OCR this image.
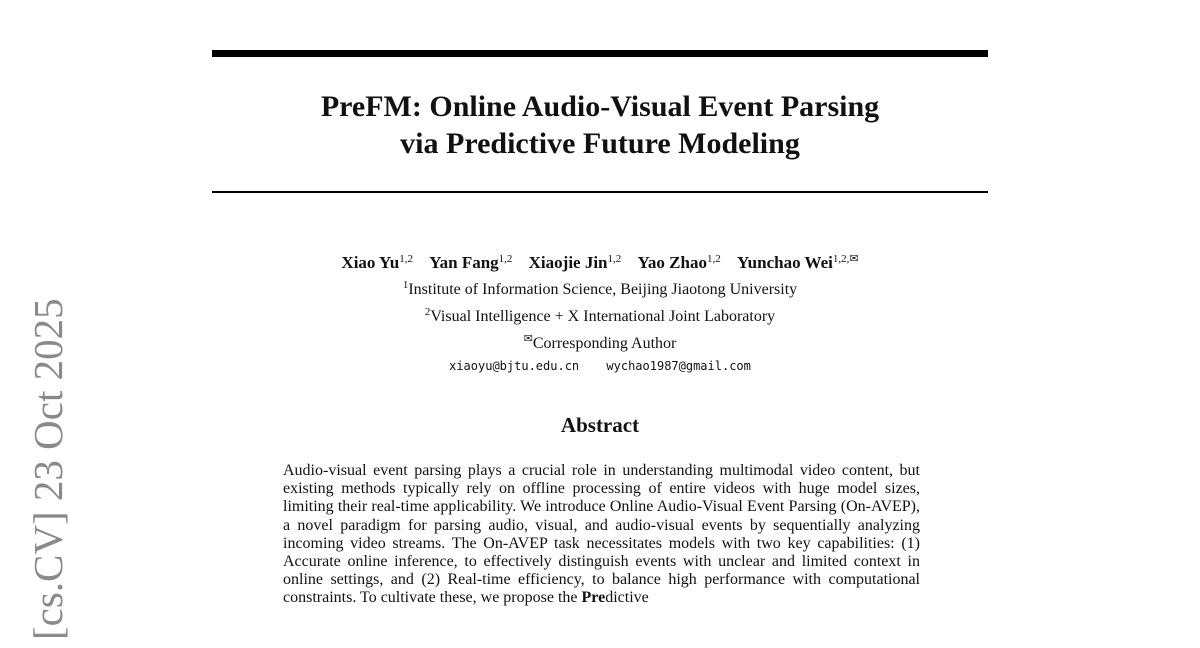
PreFM: Online Audio-Visual Event Parsing
via Predictive Future Modeling
Xiao Yu$^{1,2}$ Yan Fang$^{1,2}$ Xiaojie Jin$^{1,2}$ Yao Zhao$^{1,2}$ Yunchao Wei$^{1,2,✉}$
$^1$Institute of Information Science, Beijing Jiaotong University
$^2$Visual Intelligence + X International Joint Laboratory
✉Corresponding Author
xiaoyu@bjtu.edu.cn wychao1987@gmail.com
Abstract
Audio-visual event parsing plays a crucial role in understanding multimodal video content, but existing methods typically rely on offline processing of entire videos with huge model sizes, limiting their real-time applicability. We introduce Online Audio-Visual Event Parsing (On-AVEP), a novel paradigm for parsing audio, visual, and audio-visual events by sequentially analyzing incoming video streams. The On-AVEP task necessitates models with two key capabilities: (1) Accurate online inference, to effectively distinguish events with unclear and limited context in online settings, and (2) Real-time efficiency, to balance high performance with computational constraints. To cultivate these, we propose the Predictive
[cs.CV] 23 Oct 2025
